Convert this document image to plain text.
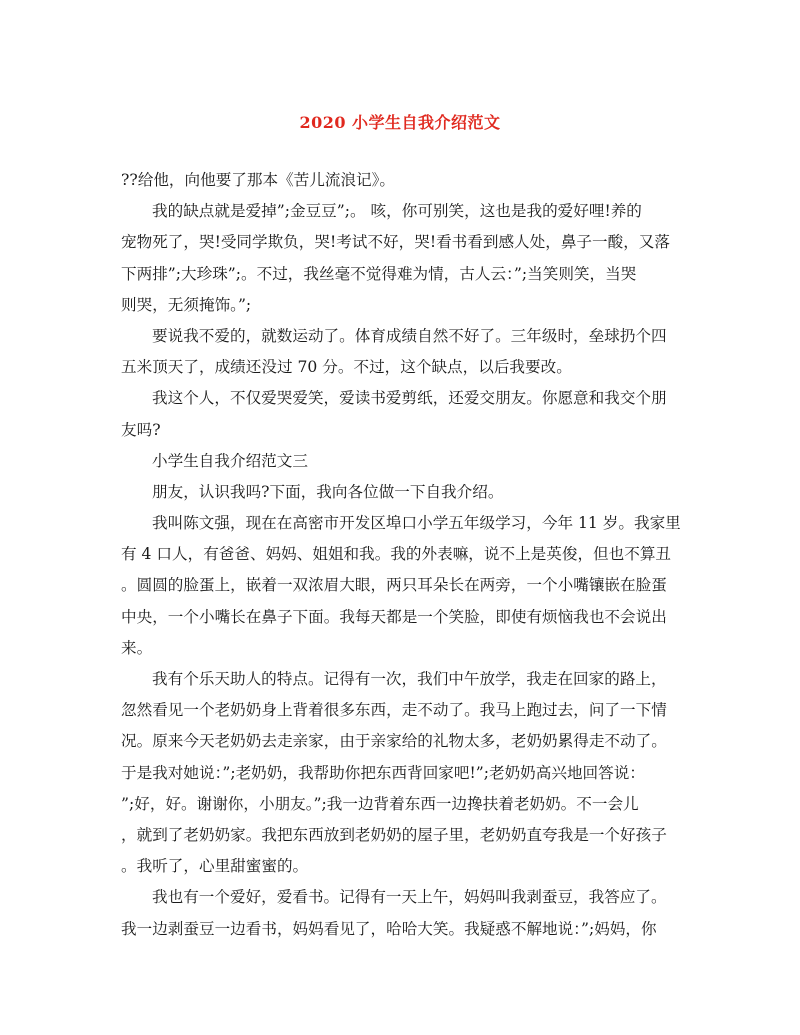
2020 小学生自我介绍范文
??给他，向他要了那本《苦儿流浪记》。
我的缺点就是爱掉”;金豆豆”;。 咳，你可别笑，这也是我的爱好哩!养的
宠物死了，哭!受同学欺负，哭!考试不好，哭!看书看到感人处，鼻子一酸，又落
下两排”;大珍珠”;。不过，我丝毫不觉得难为情，古人云：”;当笑则笑，当哭
则哭，无须掩饰。”;
要说我不爱的，就数运动了。体育成绩自然不好了。三年级时，垒球扔个四
五米顶天了，成绩还没过 70 分。不过，这个缺点，以后我要改。
我这个人，不仅爱哭爱笑，爱读书爱剪纸，还爱交朋友。你愿意和我交个朋
友吗?
小学生自我介绍范文三
朋友，认识我吗?下面，我向各位做一下自我介绍。
我叫陈文强，现在在高密市开发区埠口小学五年级学习，今年 11 岁。我家里
有 4 口人，有爸爸、妈妈、姐姐和我。我的外表嘛，说不上是英俊，但也不算丑
。圆圆的脸蛋上，嵌着一双浓眉大眼，两只耳朵长在两旁，一个小嘴镶嵌在脸蛋
中央，一个小嘴长在鼻子下面。我每天都是一个笑脸，即使有烦恼我也不会说出
来。
我有个乐天助人的特点。记得有一次，我们中午放学，我走在回家的路上，
忽然看见一个老奶奶身上背着很多东西，走不动了。我马上跑过去，问了一下情
况。原来今天老奶奶去走亲家，由于亲家给的礼物太多，老奶奶累得走不动了。
于是我对她说：”;老奶奶，我帮助你把东西背回家吧!”;老奶奶高兴地回答说：
”;好，好。谢谢你，小朋友。”;我一边背着东西一边搀扶着老奶奶。不一会儿
，就到了老奶奶家。我把东西放到老奶奶的屋子里，老奶奶直夸我是一个好孩子
。我听了，心里甜蜜蜜的。
我也有一个爱好，爱看书。记得有一天上午，妈妈叫我剥蚕豆，我答应了。
我一边剥蚕豆一边看书，妈妈看见了，哈哈大笑。我疑惑不解地说：”;妈妈，你
